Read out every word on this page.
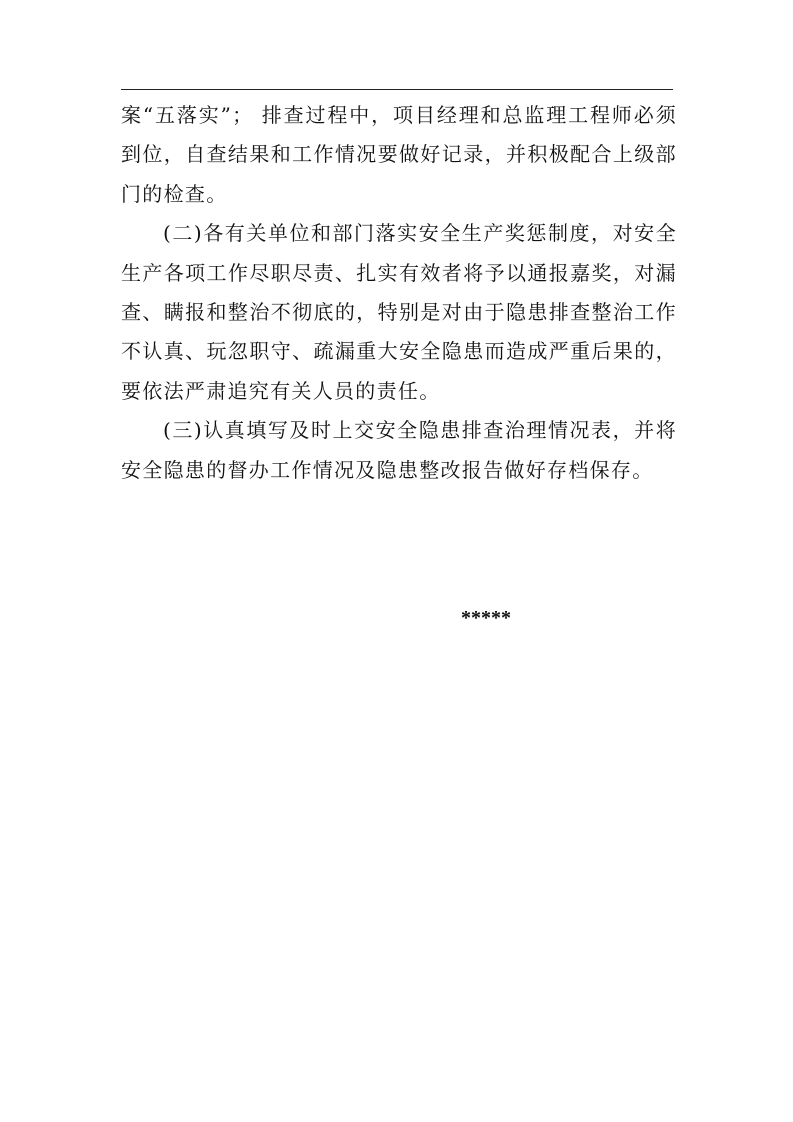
案“五落实”； 排查过程中，项目经理和总监理工程师必须到位，自查结果和工作情况要做好记录，并积极配合上级部门的检查。

(二)各有关单位和部门落实安全生产奖惩制度，对安全生产各项工作尽职尽责、扎实有效者将予以通报嘉奖，对漏查、瞒报和整治不彻底的，特别是对由于隐患排查整治工作不认真、玩忽职守、疏漏重大安全隐患而造成严重后果的，要依法严肃追究有关人员的责任。

(三)认真填写及时上交安全隐患排查治理情况表，并将安全隐患的督办工作情况及隐患整改报告做好存档保存。

*****
